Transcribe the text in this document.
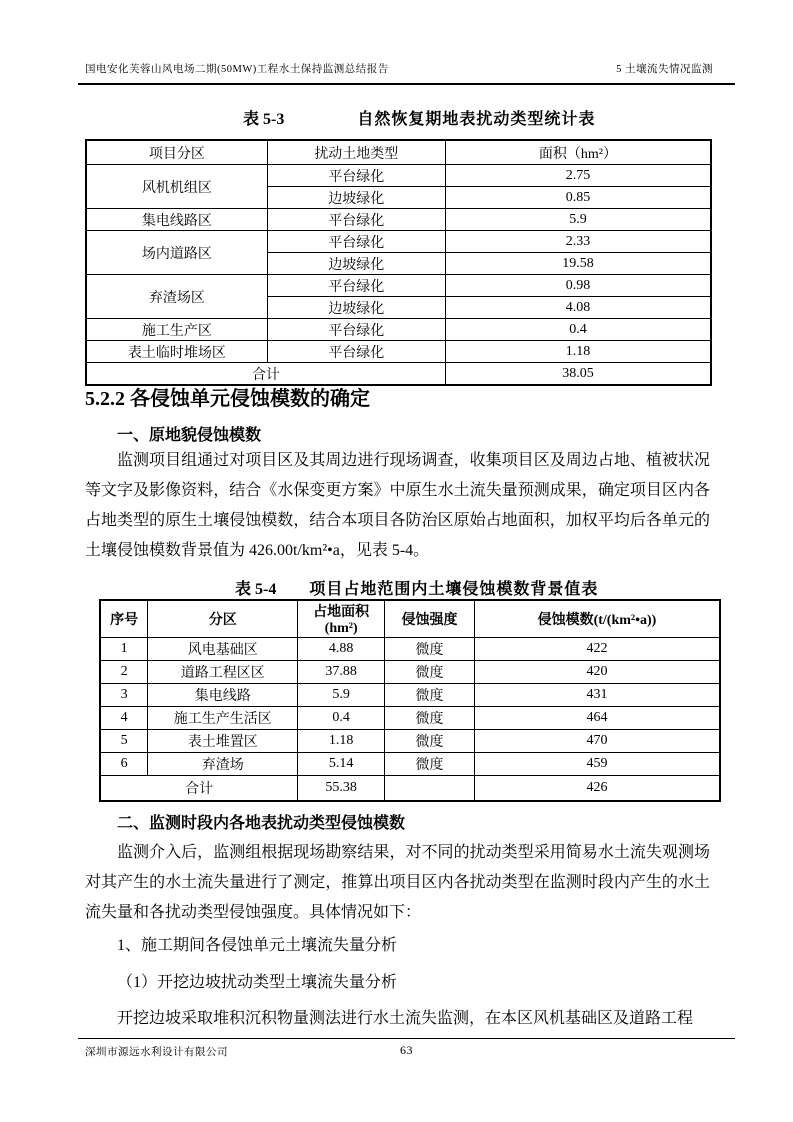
国电安化芙蓉山风电场二期(50MW)工程水土保持监测总结报告	5 土壤流失情况监测
表 5-3	自然恢复期地表扰动类型统计表
项目分区	扰动土地类型	面积（hm²）
风机机组区	平台绿化	2.75
	边坡绿化	0.85
集电线路区	平台绿化	5.9
场内道路区	平台绿化	2.33
	边坡绿化	19.58
弃渣场区	平台绿化	0.98
	边坡绿化	4.08
施工生产区	平台绿化	0.4
表土临时堆场区	平台绿化	1.18
合计		38.05
5.2.2 各侵蚀单元侵蚀模数的确定
一、原地貌侵蚀模数
监测项目组通过对项目区及其周边进行现场调查，收集项目区及周边占地、植被状况等文字及影像资料，结合《水保变更方案》中原生水土流失量预测成果，确定项目区内各占地类型的原生土壤侵蚀模数，结合本项目各防治区原始占地面积，加权平均后各单元的土壤侵蚀模数背景值为 426.00t/km²•a，见表 5-4。
表 5-4 项目占地范围内土壤侵蚀模数背景值表
序号	分区	占地面积(hm²)	侵蚀强度	侵蚀模数(t/(km²•a))
1	风电基础区	4.88	微度	422
2	道路工程区区	37.88	微度	420
3	集电线路	5.9	微度	431
4	施工生产生活区	0.4	微度	464
5	表土堆置区	1.18	微度	470
6	弃渣场	5.14	微度	459
合计		55.38		426
二、监测时段内各地表扰动类型侵蚀模数
监测介入后，监测组根据现场勘察结果，对不同的扰动类型采用简易水土流失观测场对其产生的水土流失量进行了测定，推算出项目区内各扰动类型在监测时段内产生的水土流失量和各扰动类型侵蚀强度。具体情况如下：
1、施工期间各侵蚀单元土壤流失量分析
（1）开挖边坡扰动类型土壤流失量分析
开挖边坡采取堆积沉积物量测法进行水土流失监测，在本区风机基础区及道路工程
深圳市源远水利设计有限公司	63
